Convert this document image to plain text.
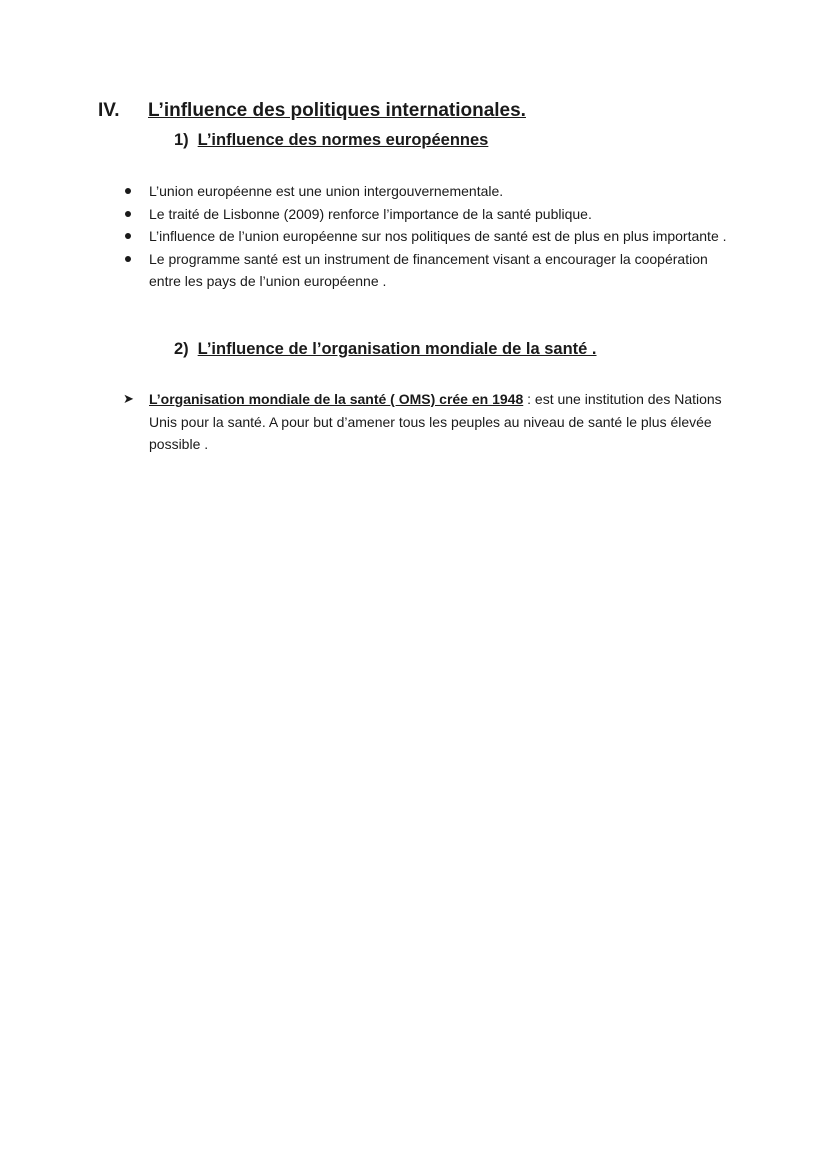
IV.	L’influence des politiques internationales.
1) L’influence des normes européennes
L’union européenne est une union intergouvernementale.
Le traité de Lisbonne (2009) renforce l’importance de la santé publique.
L’influence de l’union européenne sur nos politiques de santé est de plus en plus importante .
Le programme santé est un instrument de financement visant a encourager la coopération entre les pays de l’union européenne .
2) L’influence de l’organisation mondiale de la santé .
➤ L’organisation mondiale de la santé ( OMS) crée en 1948 : est une institution des Nations Unis pour la santé. A pour but d’amener tous les peuples au niveau de santé le plus élevée possible .
